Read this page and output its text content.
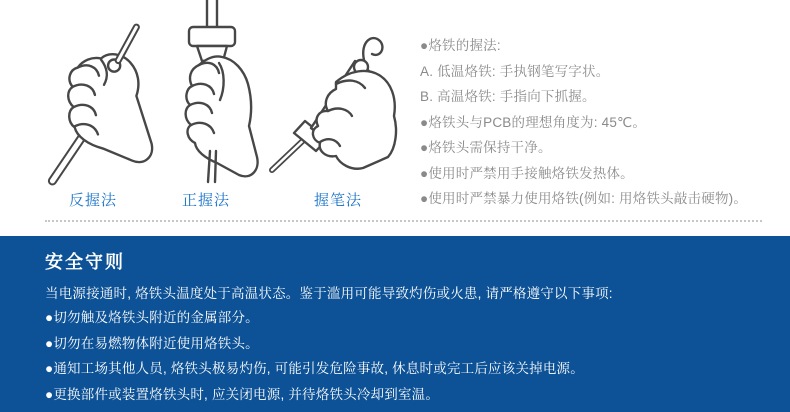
反握法	正握法	握笔法
●烙铁的握法:
A. 低温烙铁: 手执钢笔写字状。
B. 高温烙铁: 手指向下抓握。
●烙铁头与PCB的理想角度为: 45℃。
●烙铁头需保持干净。
●使用时严禁用手接触烙铁发热体。
●使用时严禁暴力使用烙铁(例如: 用烙铁头敲击硬物)。
安全守则
当电源接通时, 烙铁头温度处于高温状态。鉴于滥用可能导致灼伤或火患, 请严格遵守以下事项:
●切勿触及烙铁头附近的金属部分。
●切勿在易燃物体附近使用烙铁头。
●通知工场其他人员, 烙铁头极易灼伤, 可能引发危险事故, 休息时或完工后应该关掉电源。
●更换部件或装置烙铁头时, 应关闭电源, 并待烙铁头冷却到室温。
